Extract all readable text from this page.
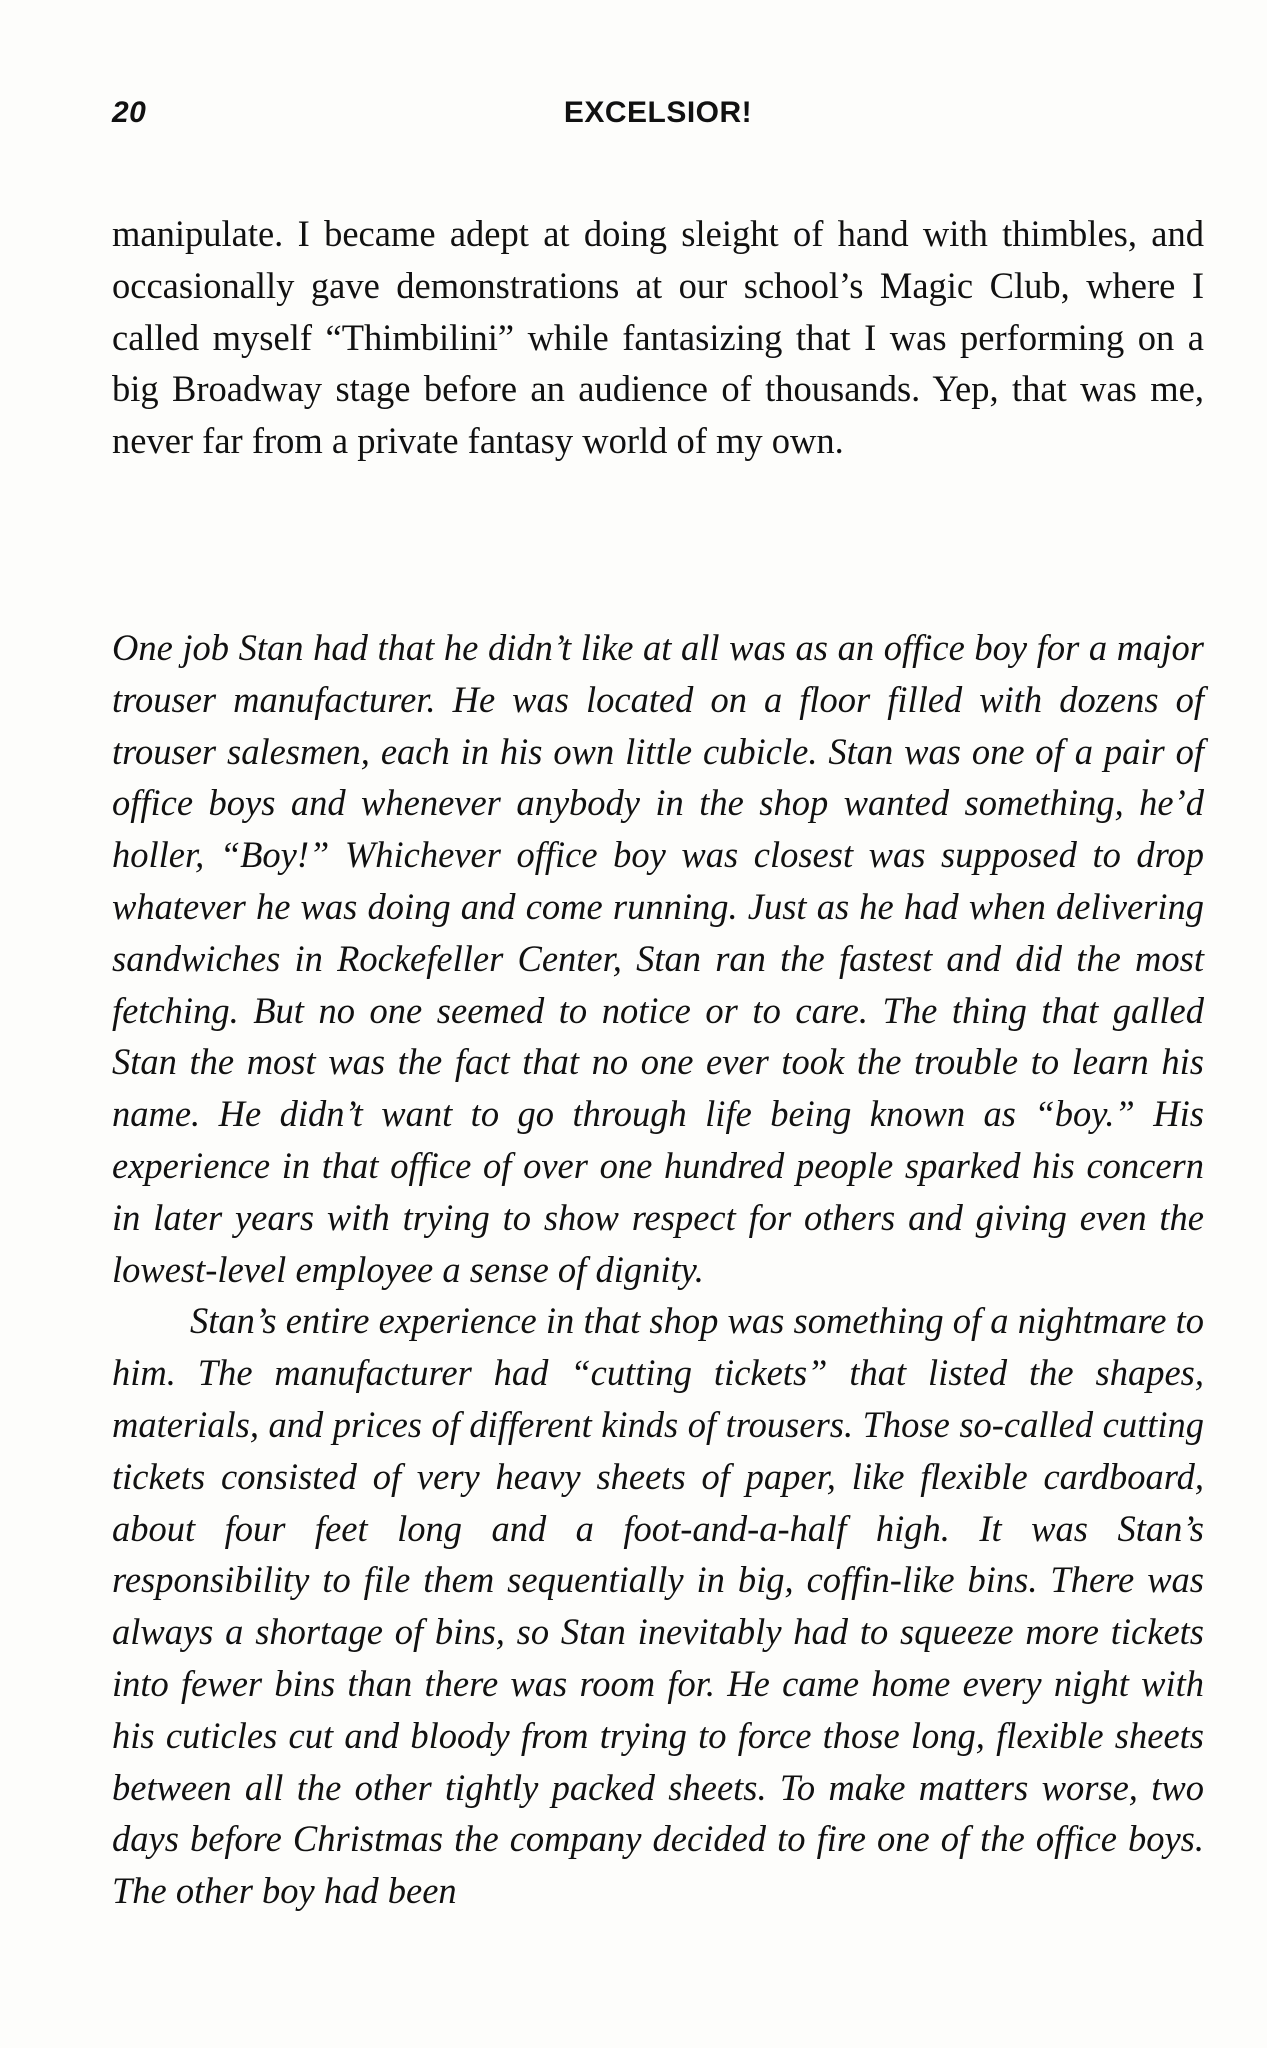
20	EXCELSIOR!

manipulate. I became adept at doing sleight of hand with thimbles, and occasionally gave demonstrations at our school’s Magic Club, where I called myself “Thimbilini” while fantasizing that I was performing on a big Broadway stage before an audience of thousands. Yep, that was me, never far from a private fantasy world of my own.

One job Stan had that he didn’t like at all was as an office boy for a major trouser manufacturer. He was located on a floor filled with dozens of trouser salesmen, each in his own little cubicle. Stan was one of a pair of office boys and whenever anybody in the shop wanted something, he’d holler, “Boy!” Whichever office boy was closest was supposed to drop whatever he was doing and come running. Just as he had when delivering sandwiches in Rockefeller Center, Stan ran the fastest and did the most fetching. But no one seemed to notice or to care. The thing that galled Stan the most was the fact that no one ever took the trouble to learn his name. He didn’t want to go through life being known as “boy.” His experience in that office of over one hundred people sparked his concern in later years with trying to show respect for others and giving even the lowest-level employee a sense of dignity.

Stan’s entire experience in that shop was something of a nightmare to him. The manufacturer had “cutting tickets” that listed the shapes, materials, and prices of different kinds of trousers. Those so-called cutting tickets consisted of very heavy sheets of paper, like flexible cardboard, about four feet long and a foot-and-a-half high. It was Stan’s responsibility to file them sequentially in big, coffin-like bins. There was always a shortage of bins, so Stan inevitably had to squeeze more tickets into fewer bins than there was room for. He came home every night with his cuticles cut and bloody from trying to force those long, flexible sheets between all the other tightly packed sheets. To make matters worse, two days before Christmas the company decided to fire one of the office boys. The other boy had been
